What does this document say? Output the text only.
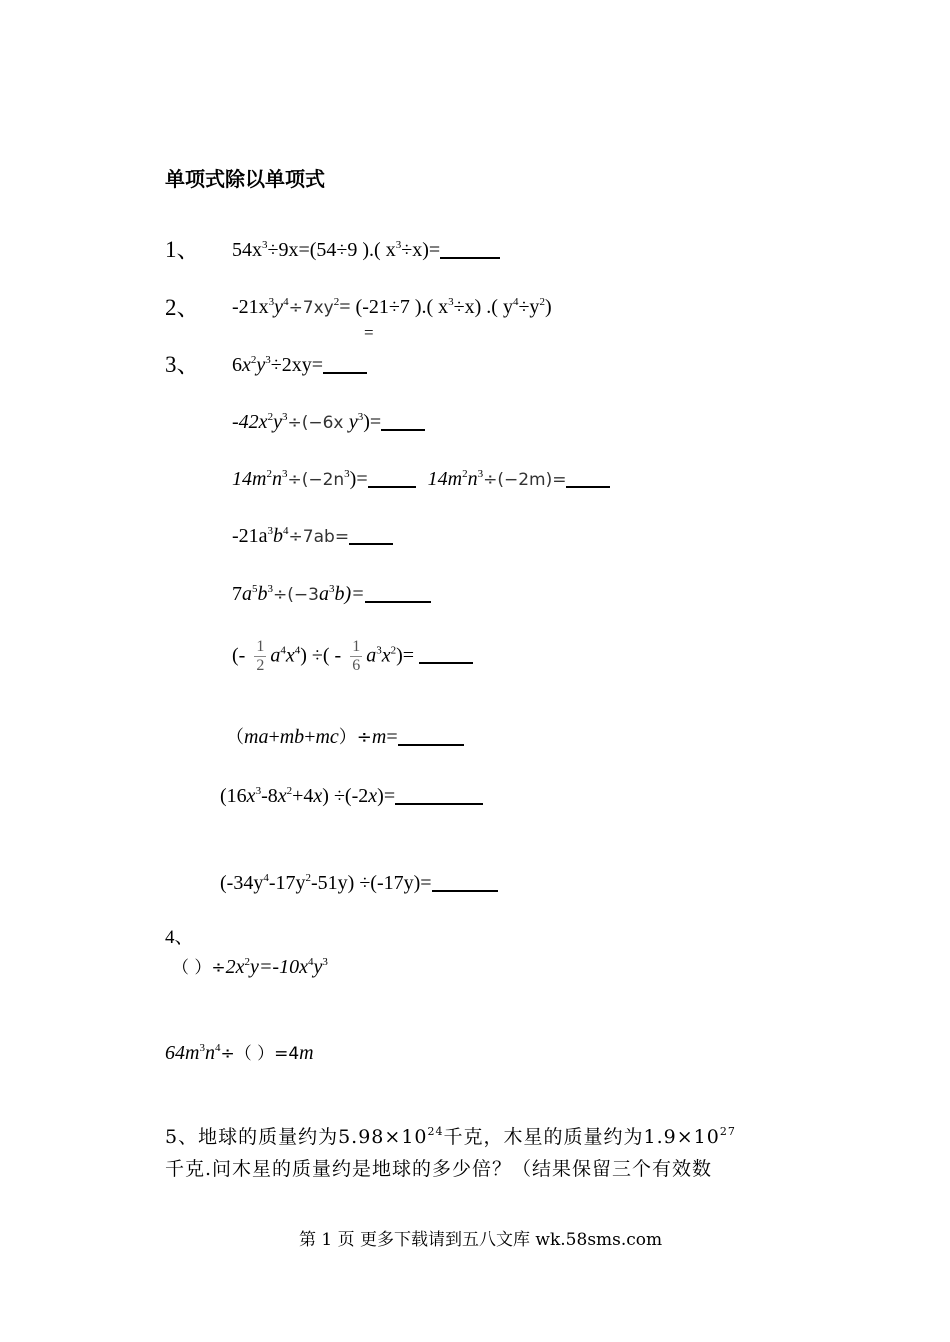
单项式除以单项式
1、 $54x^3\div 9x=(54\div 9$ ).( $x^3\div x)=$
2、 $-21x^3y^4\div 7xy^2= (-21\div 7$ ).( $x^3\div x$) .( $y^4\div y^2$)
=
3、 $6x^2y^3\div 2xy=$
$-42x^2y^3\div(-6x$ $y^3)=$
$14m^2n^3\div(-2n^3)=$	$14m^2n^3\div(-2m)=$
$-21a^3b^4\div 7ab=$
$7a^5b^3\div(-3a^3b)=$
(- $\frac{1}{2} a^4x^4$) ÷( - $\frac{1}{6} a^3x^2)=$
（ma+mb+mc）÷m=
$(16x^3-8x^2+4x) \div(-2x)=$
$(-34y^4-17y^2-51y) \div(-17y)=$
4、
（ ）$\div 2x^2y=-10x^4y^3$
$64m^3n^4\div$（ ）=4m
5、地球的质量约为$5.98\times 10^{24}$千克，木星的质量约为$1.9\times 10^{27}$
千克.问木星的质量约是地球的多少倍？（结果保留三个有效数
第 1 页 更多下载请到五八文库 wk.58sms.com
